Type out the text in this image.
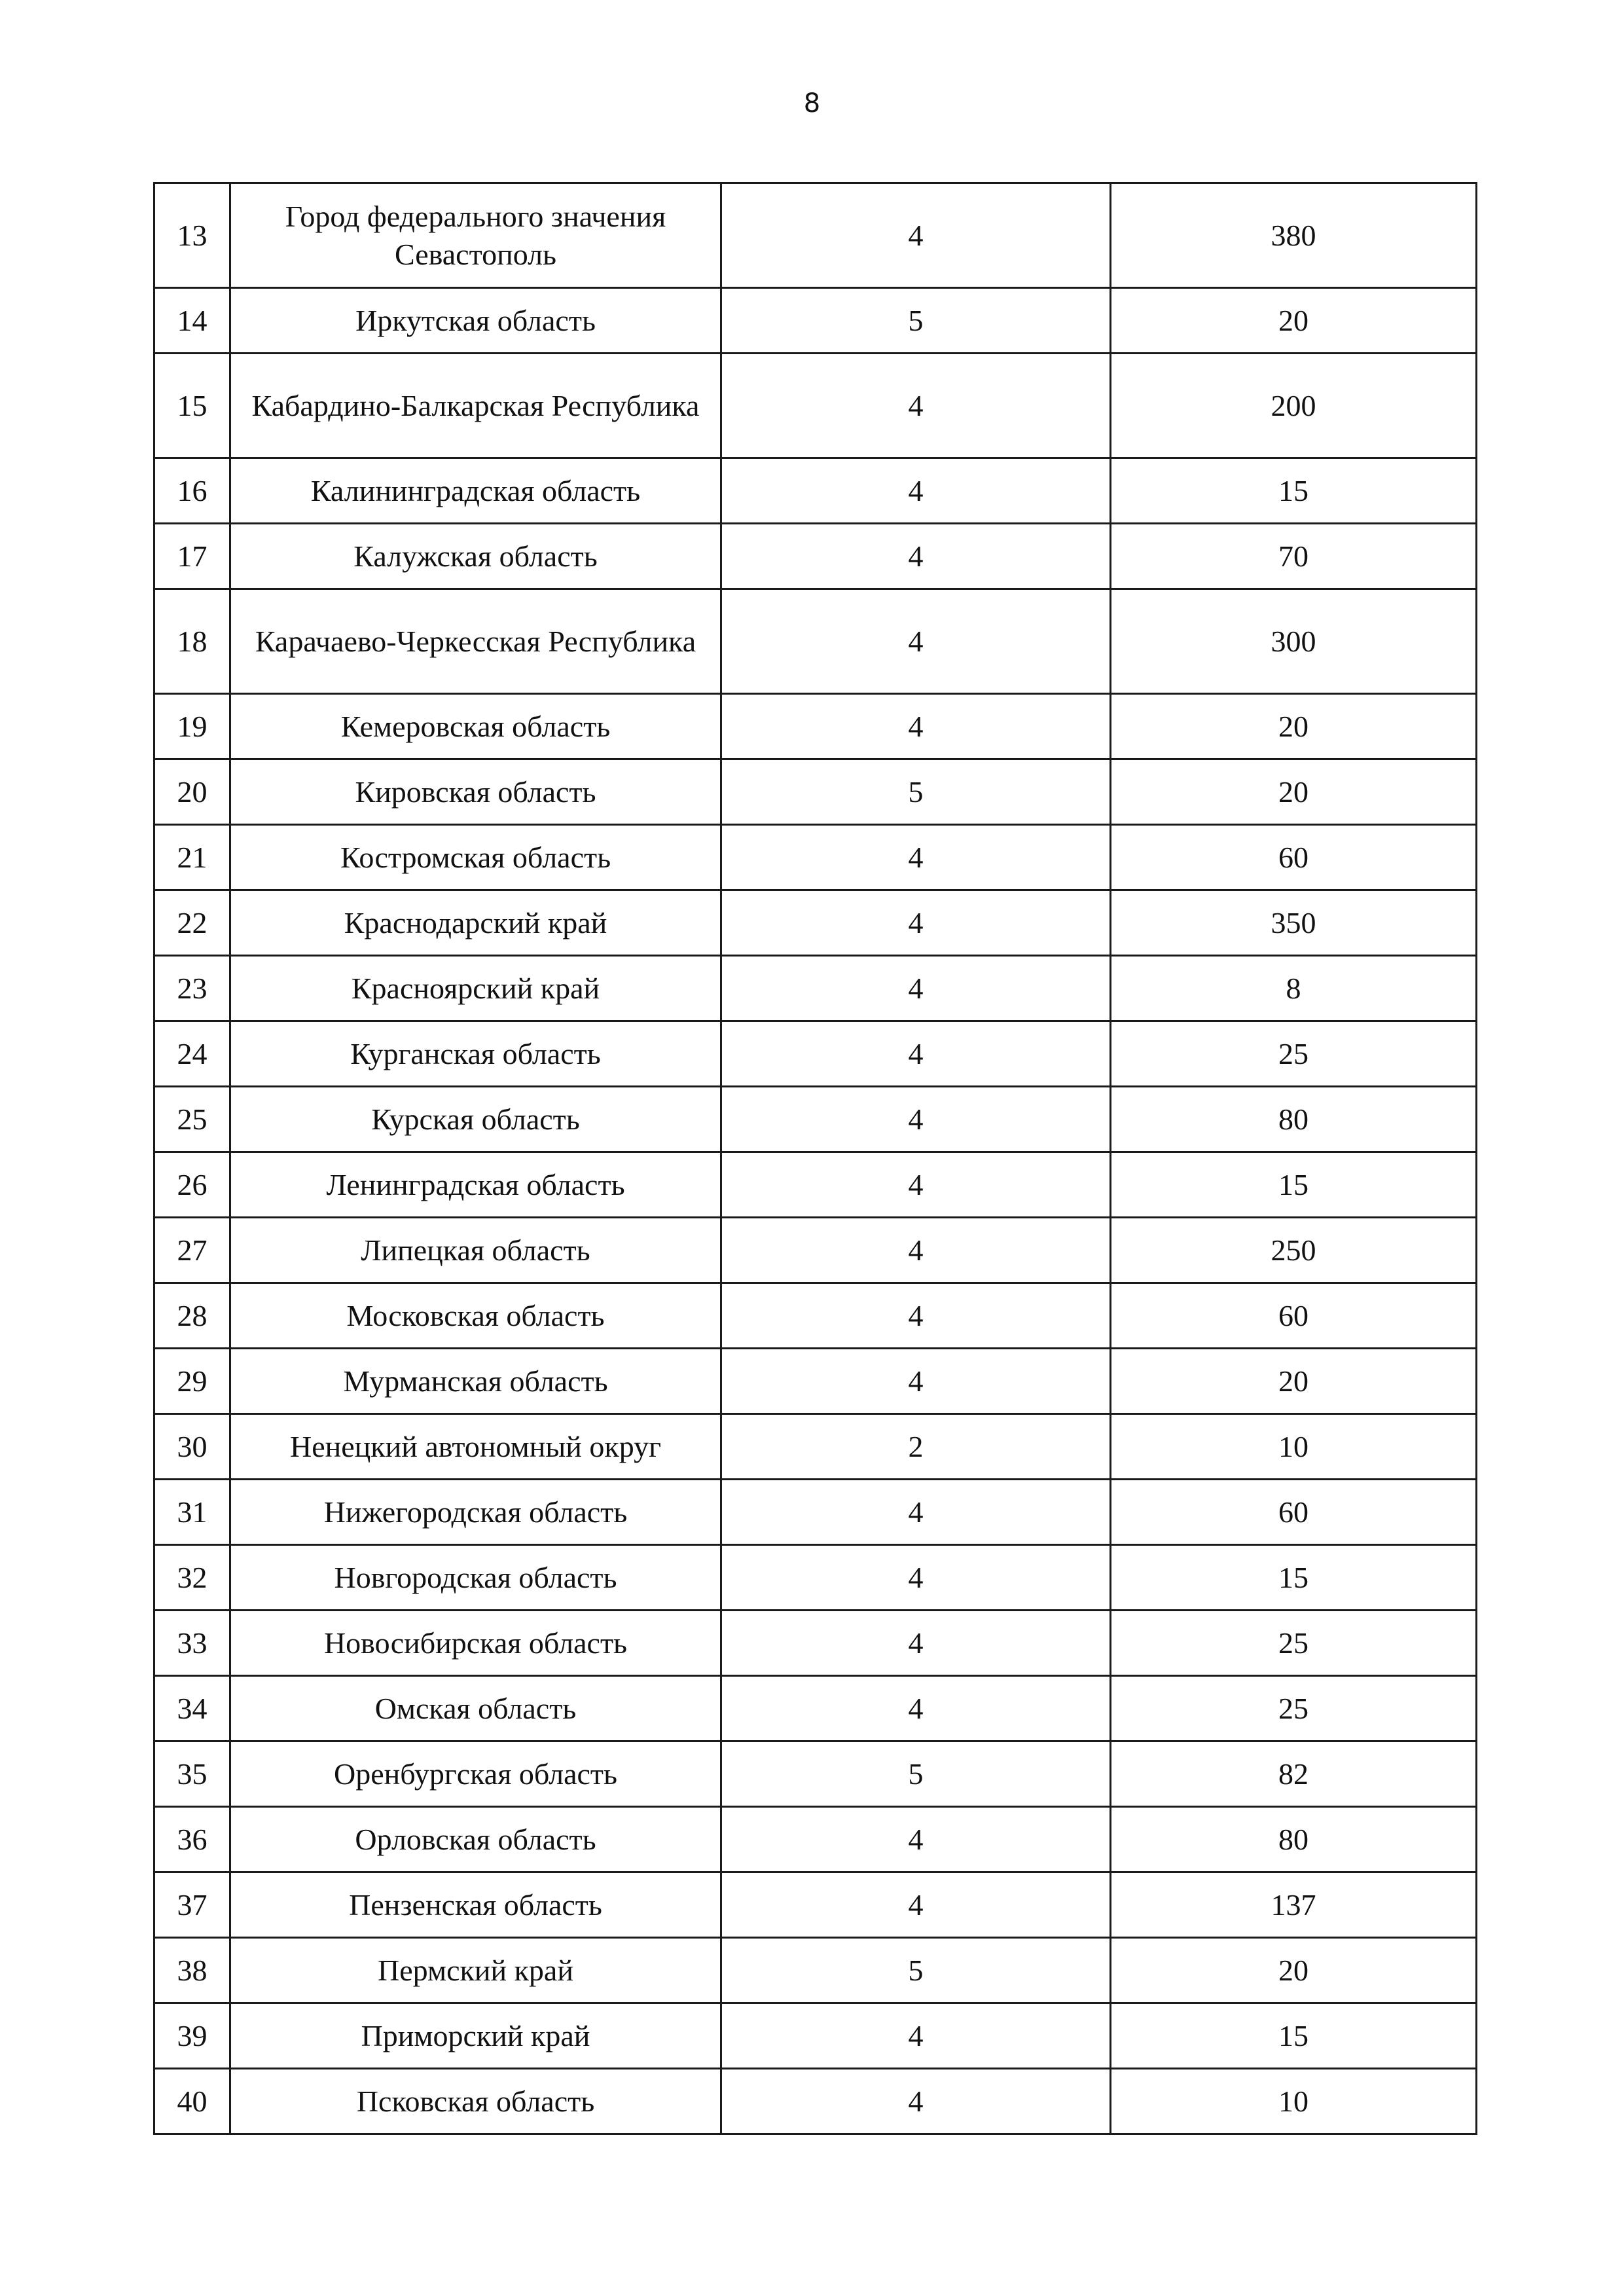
8
13	Город федерального значения Севастополь	4	380
14	Иркутская область	5	20
15	Кабардино-Балкарская Республика	4	200
16	Калининградская область	4	15
17	Калужская область	4	70
18	Карачаево-Черкесская Республика	4	300
19	Кемеровская область	4	20
20	Кировская область	5	20
21	Костромская область	4	60
22	Краснодарский край	4	350
23	Красноярский край	4	8
24	Курганская область	4	25
25	Курская область	4	80
26	Ленинградская область	4	15
27	Липецкая область	4	250
28	Московская область	4	60
29	Мурманская область	4	20
30	Ненецкий автономный округ	2	10
31	Нижегородская область	4	60
32	Новгородская область	4	15
33	Новосибирская область	4	25
34	Омская область	4	25
35	Оренбургская область	5	82
36	Орловская область	4	80
37	Пензенская область	4	137
38	Пермский край	5	20
39	Приморский край	4	15
40	Псковская область	4	10
